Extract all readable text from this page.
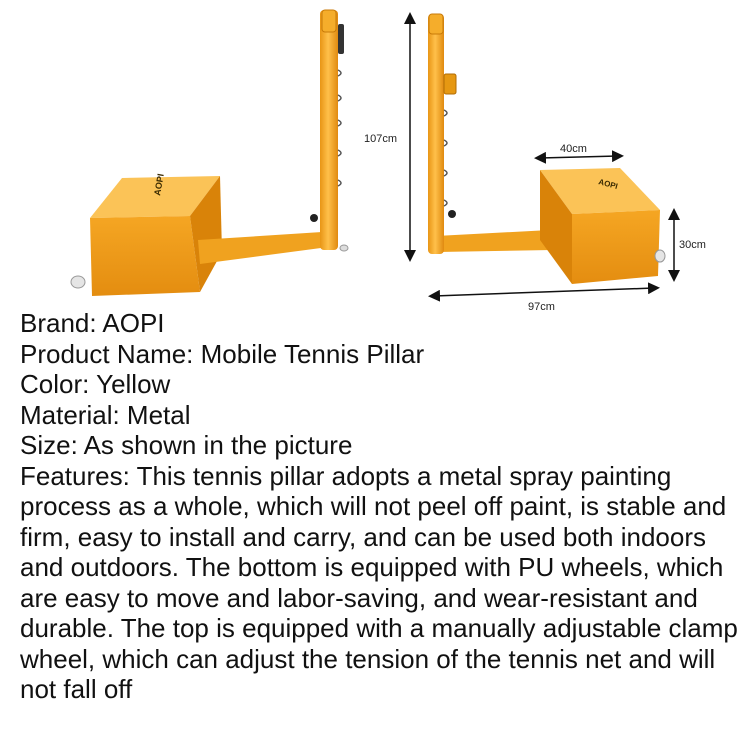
AOPI	AOPI
107cm
40cm
30cm
97cm
Brand: AOPI
Product Name: Mobile Tennis Pillar
Color: Yellow
Material: Metal
Size: As shown in the picture
Features: This tennis pillar adopts a metal spray painting process as a whole, which will not peel off paint, is stable and firm, easy to install and carry, and can be used both indoors and outdoors. The bottom is equipped with PU wheels, which are easy to move and labor-saving, and wear-resistant and durable. The top is equipped with a manually adjustable clamp wheel, which can adjust the tension of the tennis net and will not fall off
